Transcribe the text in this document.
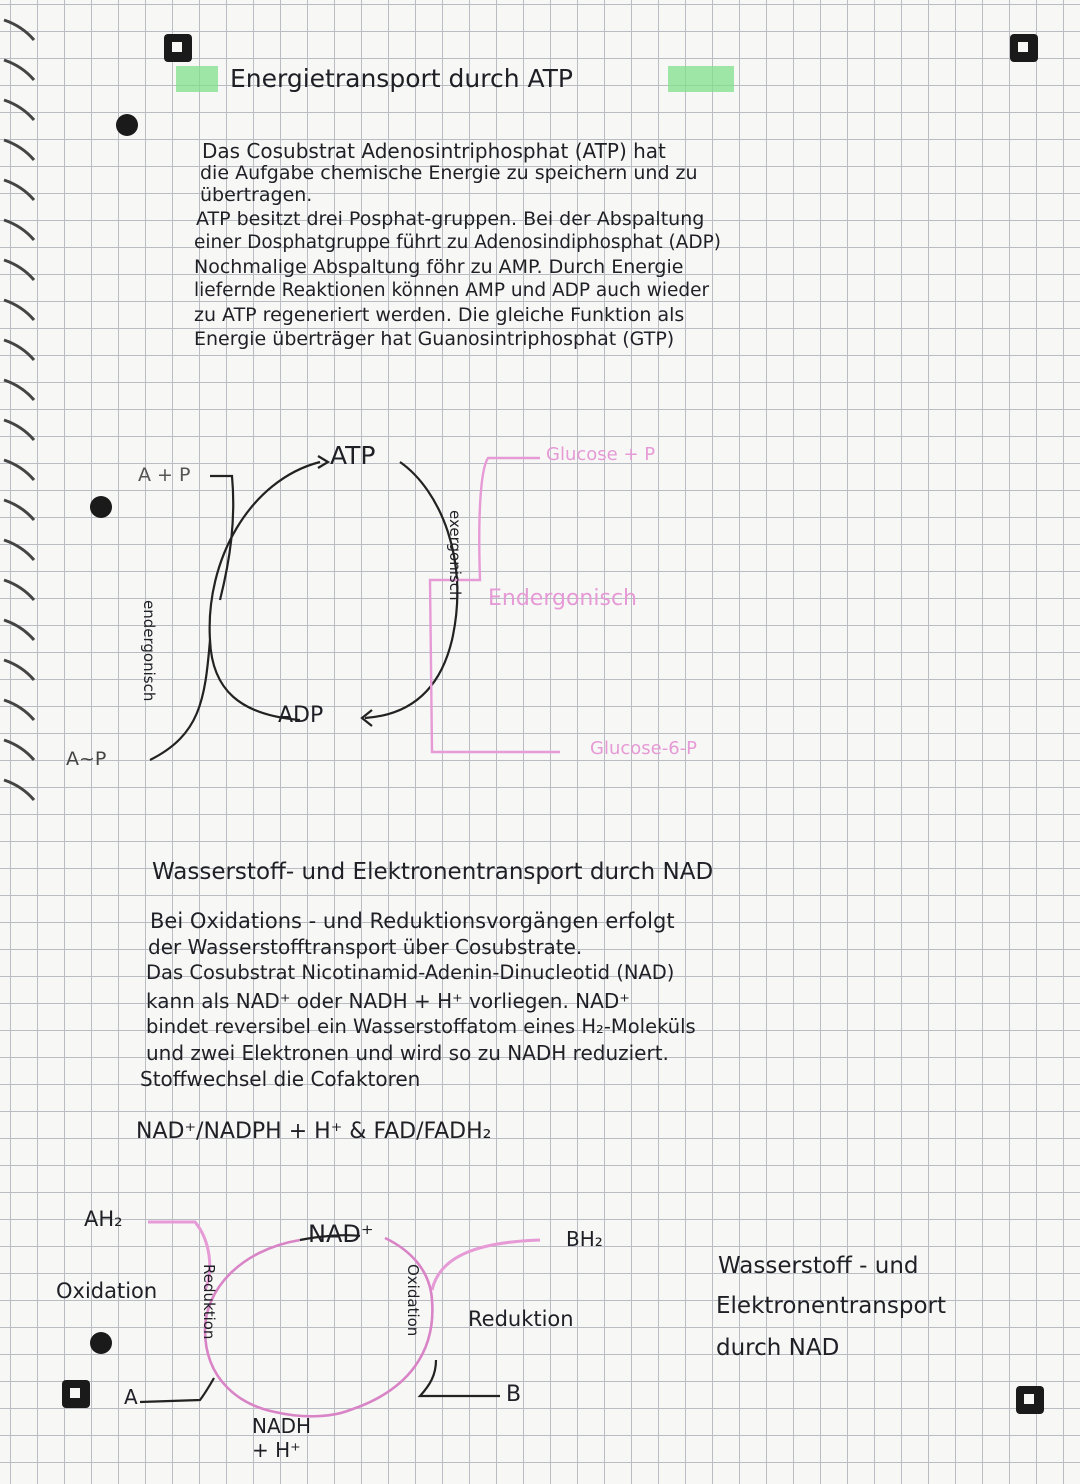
Energietransport durch ATP
Das Cosubstrat Adenosintriphosphat (ATP) hat
die Aufgabe chemische Energie zu speichern und zu
übertragen.
ATP besitzt drei Posphat-gruppen. Bei der Abspaltung
einer Dosphatgruppe führt zu Adenosindiphosphat (ADP)
Nochmalige Abspaltung föhr zu AMP. Durch Energie
liefernde Reaktionen können AMP und ADP auch wieder
zu ATP regeneriert werden. Die gleiche Funktion als
Energie überträger hat Guanosintriphosphat (GTP)
ATP
ADP
A + P
A~P
endergonisch
exergonisch
Glucose + P
Endergonisch
Glucose-6-P
Wasserstoff- und Elektronentransport durch NAD
Bei Oxidations - und Reduktionsvorgängen erfolgt
der Wasserstofftransport über Cosubstrate.
Das Cosubstrat Nicotinamid-Adenin-Dinucleotid (NAD)
kann als NAD⁺ oder NADH + H⁺ vorliegen. NAD⁺
bindet reversibel ein Wasserstoffatom eines H₂-Moleküls
und zwei Elektronen und wird so zu NADH reduziert.
Stoffwechsel die Cofaktoren
NAD⁺/NADPH + H⁺ & FAD/FADH₂
AH₂
A
Oxidation
NAD⁺
NADH + H⁺
Reduktion	Oxidation
BH₂
B
Reduktion
Wasserstoff - und
Elektronentransport
durch NAD
